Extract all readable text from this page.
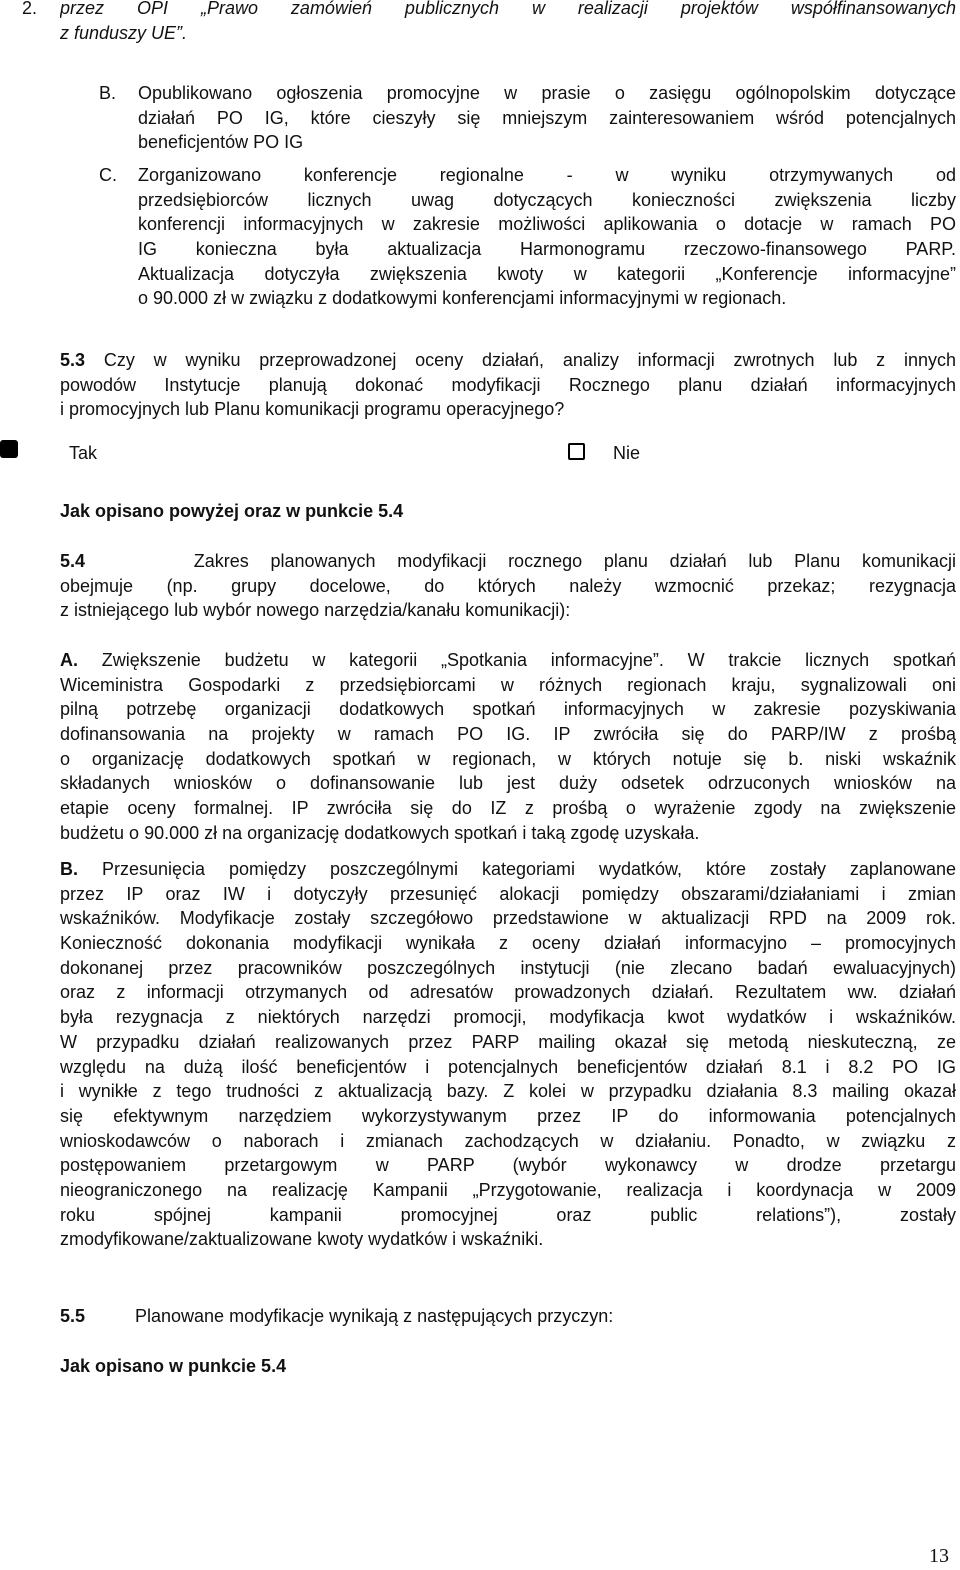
2. przez OPI „Prawo zamówień publicznych w realizacji projektów współfinansowanych
z funduszy UE”.
B. Opublikowano ogłoszenia promocyjne w prasie o zasięgu ogólnopolskim dotyczące
działań PO IG, które cieszyły się mniejszym zainteresowaniem wśród potencjalnych
beneficjentów PO IG
C. Zorganizowano konferencje regionalne - w wyniku otrzymywanych od
przedsiębiorców licznych uwag dotyczących konieczności zwiększenia liczby
konferencji informacyjnych w zakresie możliwości aplikowania o dotacje w ramach PO
IG konieczna była aktualizacja Harmonogramu rzeczowo-finansowego PARP.
Aktualizacja dotyczyła zwiększenia kwoty w kategorii „Konferencje informacyjne”
o 90.000 zł w związku z dodatkowymi konferencjami informacyjnymi w regionach.
5.3 Czy w wyniku przeprowadzonej oceny działań, analizy informacji zwrotnych lub z innych
powodów Instytucje planują dokonać modyfikacji Rocznego planu działań informacyjnych
i promocyjnych lub Planu komunikacji programu operacyjnego?
Tak	Nie
Jak opisano powyżej oraz w punkcie 5.4
5.4	Zakres planowanych modyfikacji rocznego planu działań lub Planu komunikacji
obejmuje (np. grupy docelowe, do których należy wzmocnić przekaz; rezygnacja
z istniejącego lub wybór nowego narzędzia/kanału komunikacji):
A. Zwiększenie budżetu w kategorii „Spotkania informacyjne”. W trakcie licznych spotkań
Wiceministra Gospodarki z przedsiębiorcami w różnych regionach kraju, sygnalizowali oni
pilną potrzebę organizacji dodatkowych spotkań informacyjnych w zakresie pozyskiwania
dofinansowania na projekty w ramach PO IG. IP zwróciła się do PARP/IW z prośbą
o organizację dodatkowych spotkań w regionach, w których notuje się b. niski wskaźnik
składanych wniosków o dofinansowanie lub jest duży odsetek odrzuconych wniosków na
etapie oceny formalnej. IP zwróciła się do IZ z prośbą o wyrażenie zgody na zwiększenie
budżetu o 90.000 zł na organizację dodatkowych spotkań i taką zgodę uzyskała.
B. Przesunięcia pomiędzy poszczególnymi kategoriami wydatków, które zostały zaplanowane
przez IP oraz IW i dotyczyły przesunięć alokacji pomiędzy obszarami/działaniami i zmian
wskaźników. Modyfikacje zostały szczegółowo przedstawione w aktualizacji RPD na 2009 rok.
Konieczność dokonania modyfikacji wynikała z oceny działań informacyjno – promocyjnych
dokonanej przez pracowników poszczególnych instytucji (nie zlecano badań ewaluacyjnych)
oraz z informacji otrzymanych od adresatów prowadzonych działań. Rezultatem ww. działań
była rezygnacja z niektórych narzędzi promocji, modyfikacja kwot wydatków i wskaźników.
W przypadku działań realizowanych przez PARP mailing okazał się metodą nieskuteczną, ze
względu na dużą ilość beneficjentów i potencjalnych beneficjentów działań 8.1 i 8.2 PO IG
i wynikłe z tego trudności z aktualizacją bazy. Z kolei w przypadku działania 8.3 mailing okazał
się efektywnym narzędziem wykorzystywanym przez IP do informowania potencjalnych
wnioskodawców o naborach i zmianach zachodzących w działaniu. Ponadto, w związku z
postępowaniem przetargowym w PARP (wybór wykonawcy w drodze przetargu
nieograniczonego na realizację Kampanii „Przygotowanie, realizacja i koordynacja w 2009
roku spójnej kampanii promocyjnej oraz public relations”), zostały
zmodyfikowane/zaktualizowane kwoty wydatków i wskaźniki.
5.5	Planowane modyfikacje wynikają z następujących przyczyn:
Jak opisano w punkcie 5.4
13
